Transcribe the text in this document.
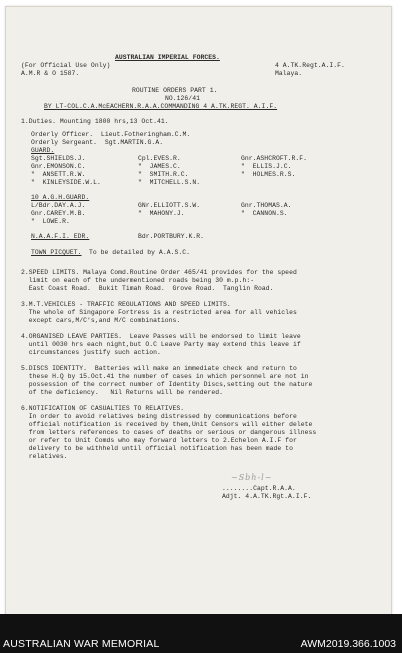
AUSTRALIAN IMPERIAL FORCES.
(For Official Use Only)	4 A.TK.Regt.A.I.F.
A.M.R & O 1587.	Malaya.
ROUTINE ORDERS PART 1.
NO.126/41
BY LT-COL.C.A.McEACHERN.R.A.A.COMMANDING 4 A.TK.REGT. A.I.F.
1.Duties. Mounting 1800 hrs,13 Oct.41.
Orderly Officer.  Lieut.Fotheringham.C.M.
Orderly Sergeant.  Sgt.MARTIN.G.A.
GUARD.
Sgt.SHIELDS.J.	Cpl.EVES.R.	Gnr.ASHCROFT.R.F.
Gnr.EMONSON.C.	"  JAMES.C.	"  ELLIS.J.C.
"  ANSETT.R.W.	"  SMITH.R.C.	"  HOLMES.R.S.
"  KINLEYSIDE.W.L.	"  MITCHELL.S.N.
10 A.G.H.GUARD.
L/Bdr.DAY.A.J.	GNr.ELLIOTT.S.W.	Gnr.THOMAS.A.
Gnr.CAREY.M.B.	"  MAHONY.J.	"  CANNON.S.
"  LOWE.R.
N.A.A.F.I. EDR.	Bdr.PORTBURY.K.R.
TOWN PICQUET. To be detailed by A.A.S.C.
2.SPEED LIMITS. Malaya Comd.Routine Order 465/41 provides for the speed
limit on each of the undermentioned roads being 30 m.p.h:-
East Coast Road.  Bukit Timah Road.  Grove Road.  Tanglin Road.
3.M.T.VEHICLES - TRAFFIC REGULATIONS AND SPEED LIMITS.
The whole of Singapore Fortress is a restricted area for all vehicles
except cars,M/C's,and M/C combinations.
4.ORGANISED LEAVE PARTIES.  Leave Passes will be endorsed to limit leave
until 0030 hrs each night,but O.C Leave Party may extend this leave if
circumstances justify such action.
5.DISCS IDENTITY.  Batteries will make an immediate check and return to
these H.Q by 15.Oct.41 the number of cases in which personnel are not in
possession of the correct number of Identity Discs,setting out the nature
of the deficiency.   Nil Returns will be rendered.
6.NOTIFICATION OF CASUALTIES TO RELATIVES.
In order to avoid relatives being distressed by communications before
official notification is received by them,Unit Censors will either delete
from letters references to cases of deaths or serious or dangerous illness
or refer to Unit Comds who may forward letters to 2.Echelon A.I.F for
delivery to be withheld until official notification has been made to
relatives.
~Sbh-l~
........Capt.R.A.A.
Adjt. 4.A.TK.Rgt.A.I.F.
AUSTRALIAN WAR MEMORIAL	AWM2019.366.1003
